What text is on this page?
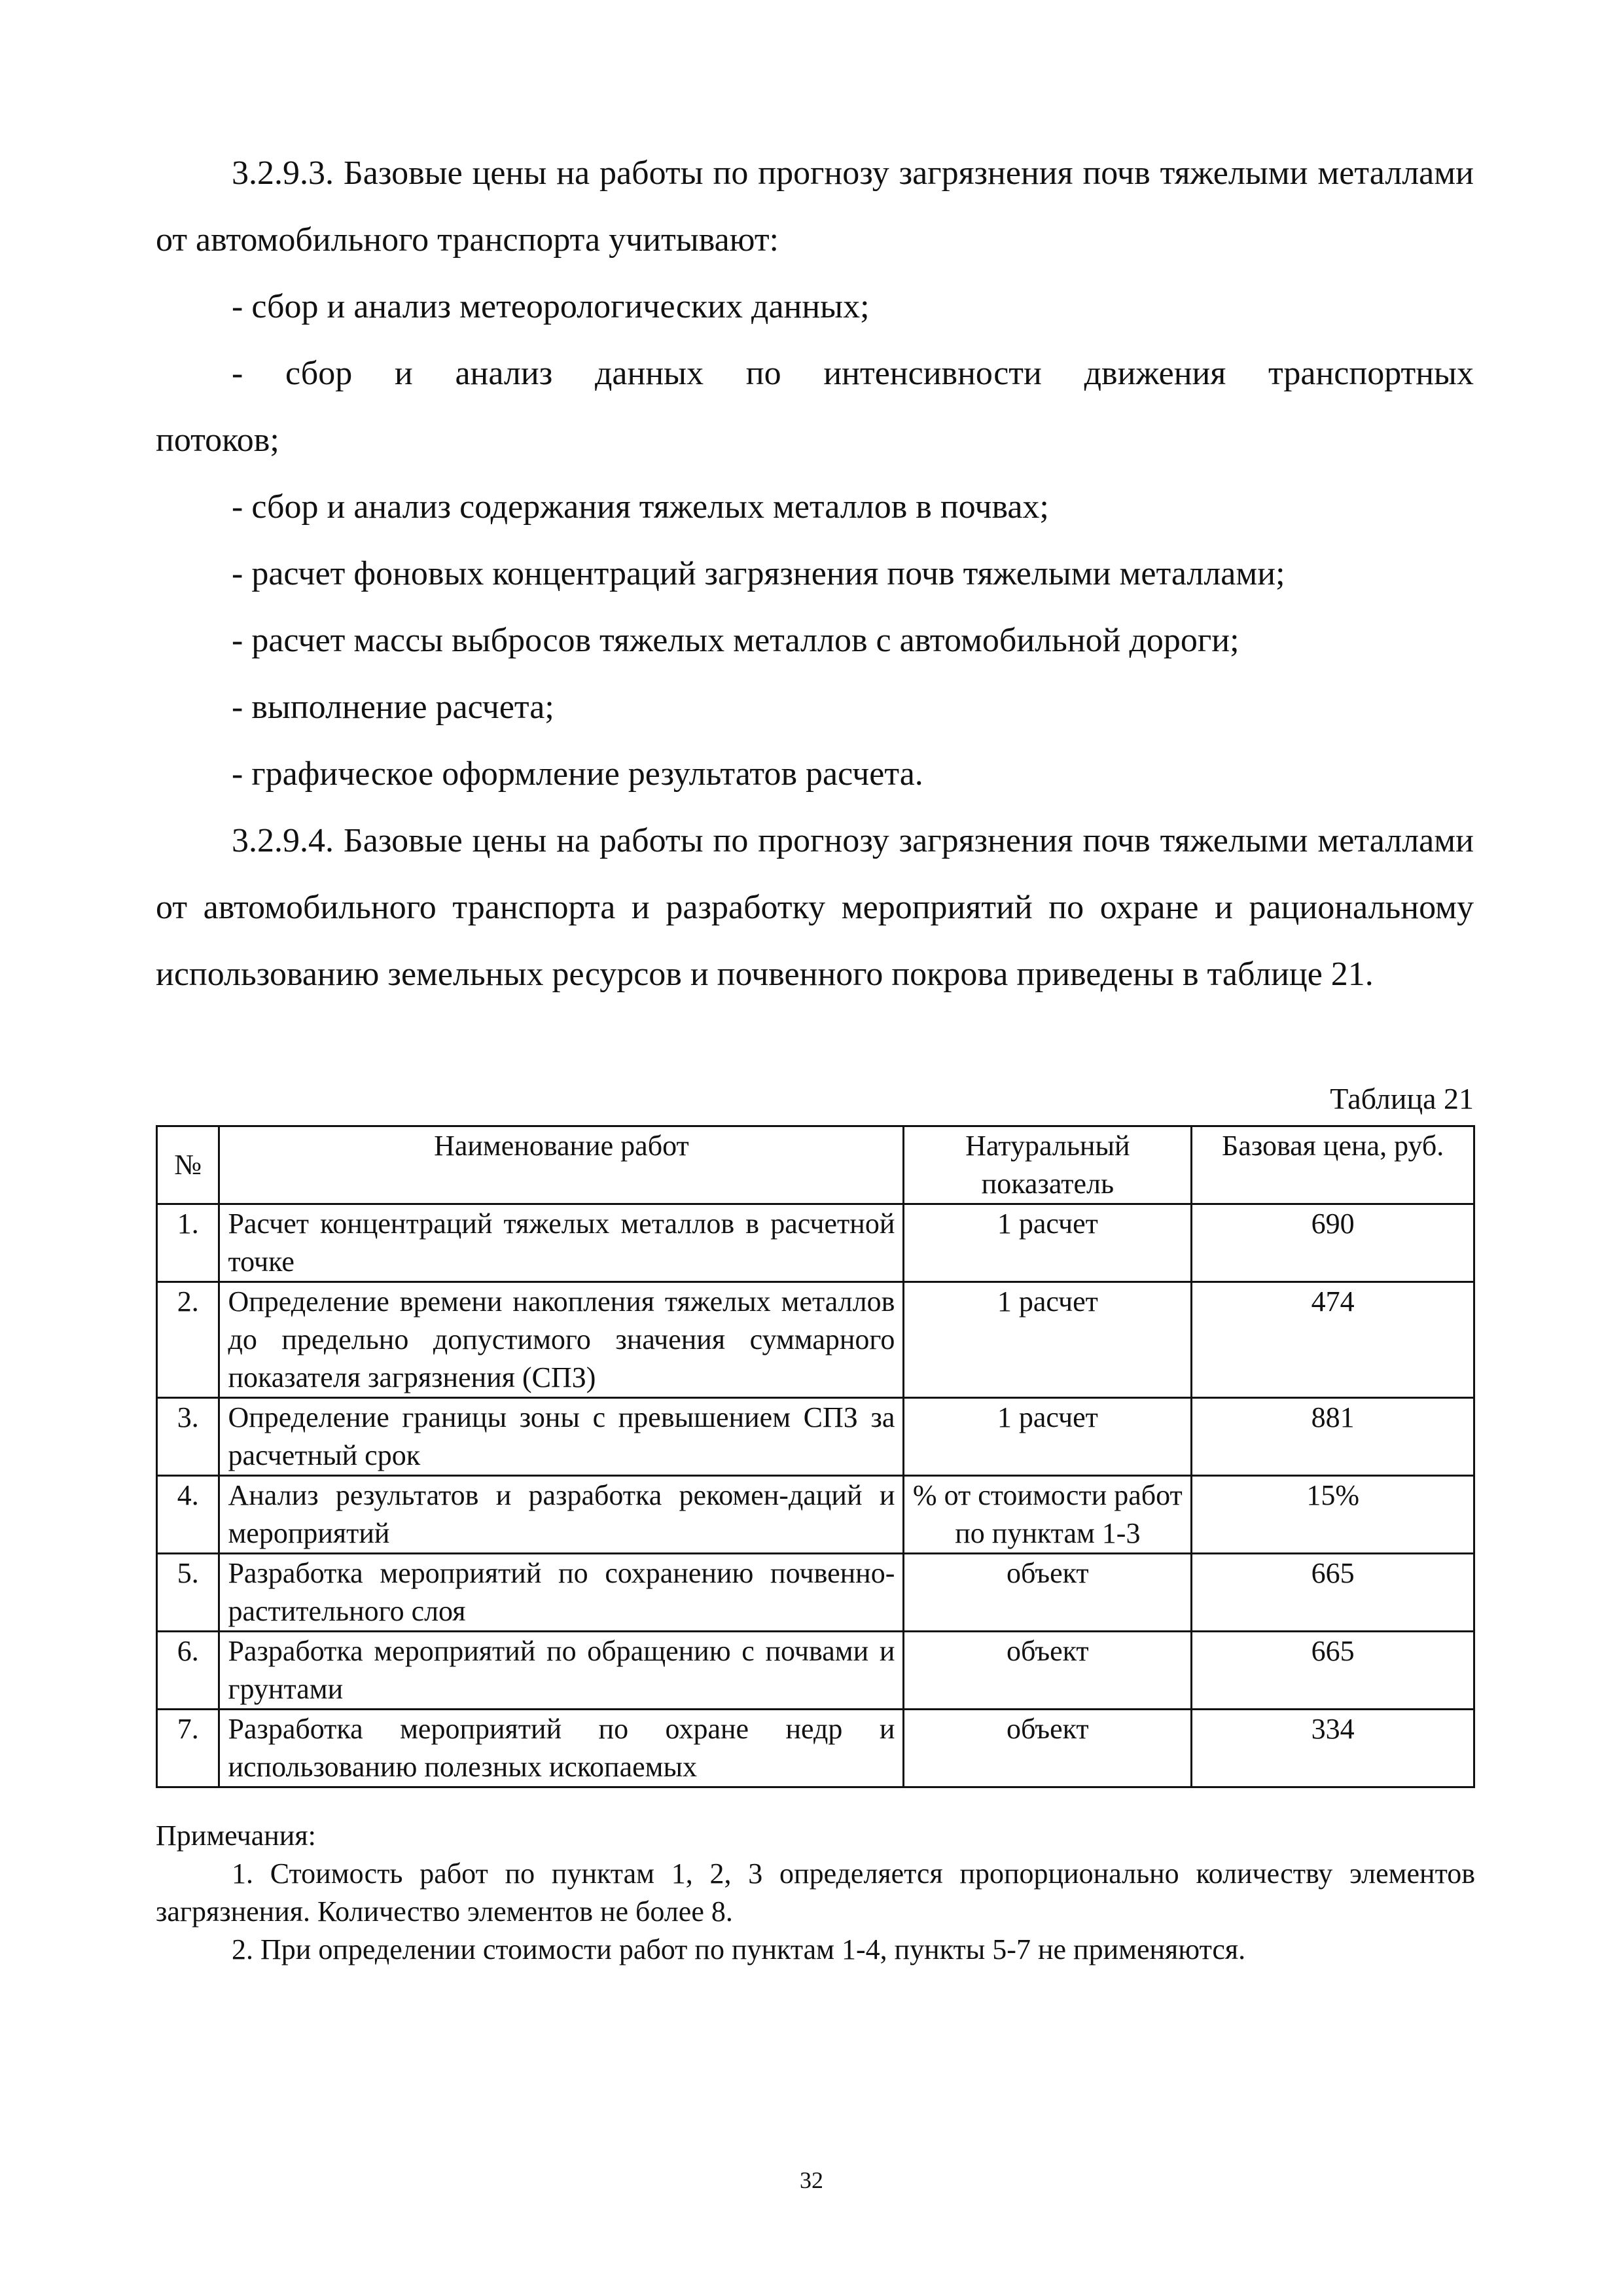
3.2.9.3. Базовые цены на работы по прогнозу загрязнения почв тяжелыми металлами от автомобильного транспорта учитывают:

- сбор и анализ метеорологических данных;

- сбор и анализ данных по интенсивности движения транспортных

потоков;

- сбор и анализ содержания тяжелых металлов в почвах;

- расчет фоновых концентраций загрязнения почв тяжелыми металлами;

- расчет массы выбросов тяжелых металлов с автомобильной дороги;

- выполнение расчета;

- графическое оформление результатов расчета.

3.2.9.4. Базовые цены на работы по прогнозу загрязнения почв тяжелыми металлами от автомобильного транспорта и разработку мероприятий по охране и рациональному использованию земельных ресурсов и почвенного покрова приведены в таблице 21.

Таблица 21

№	Наименование работ	Натуральный показатель	Базовая цена, руб.
1.	Расчет концентраций тяжелых металлов в расчетной точке	1 расчет	690
2.	Определение времени накопления тяжелых металлов до предельно допустимого значения суммарного показателя загрязнения (СПЗ)	1 расчет	474
3.	Определение границы зоны с превышением СПЗ за расчетный срок	1 расчет	881
4.	Анализ результатов и разработка рекомен-даций и мероприятий	% от стоимости работ по пунктам 1-3	15%
5.	Разработка мероприятий по сохранению почвенно-растительного слоя	объект	665
6.	Разработка мероприятий по обращению с почвами и грунтами	объект	665
7.	Разработка мероприятий по охране недр и использованию полезных ископаемых	объект	334

Примечания:

1. Стоимость работ по пунктам 1, 2, 3 определяется пропорционально количеству элементов загрязнения. Количество элементов не более 8.

2. При определении стоимости работ по пунктам 1-4, пункты 5-7 не применяются.

32
